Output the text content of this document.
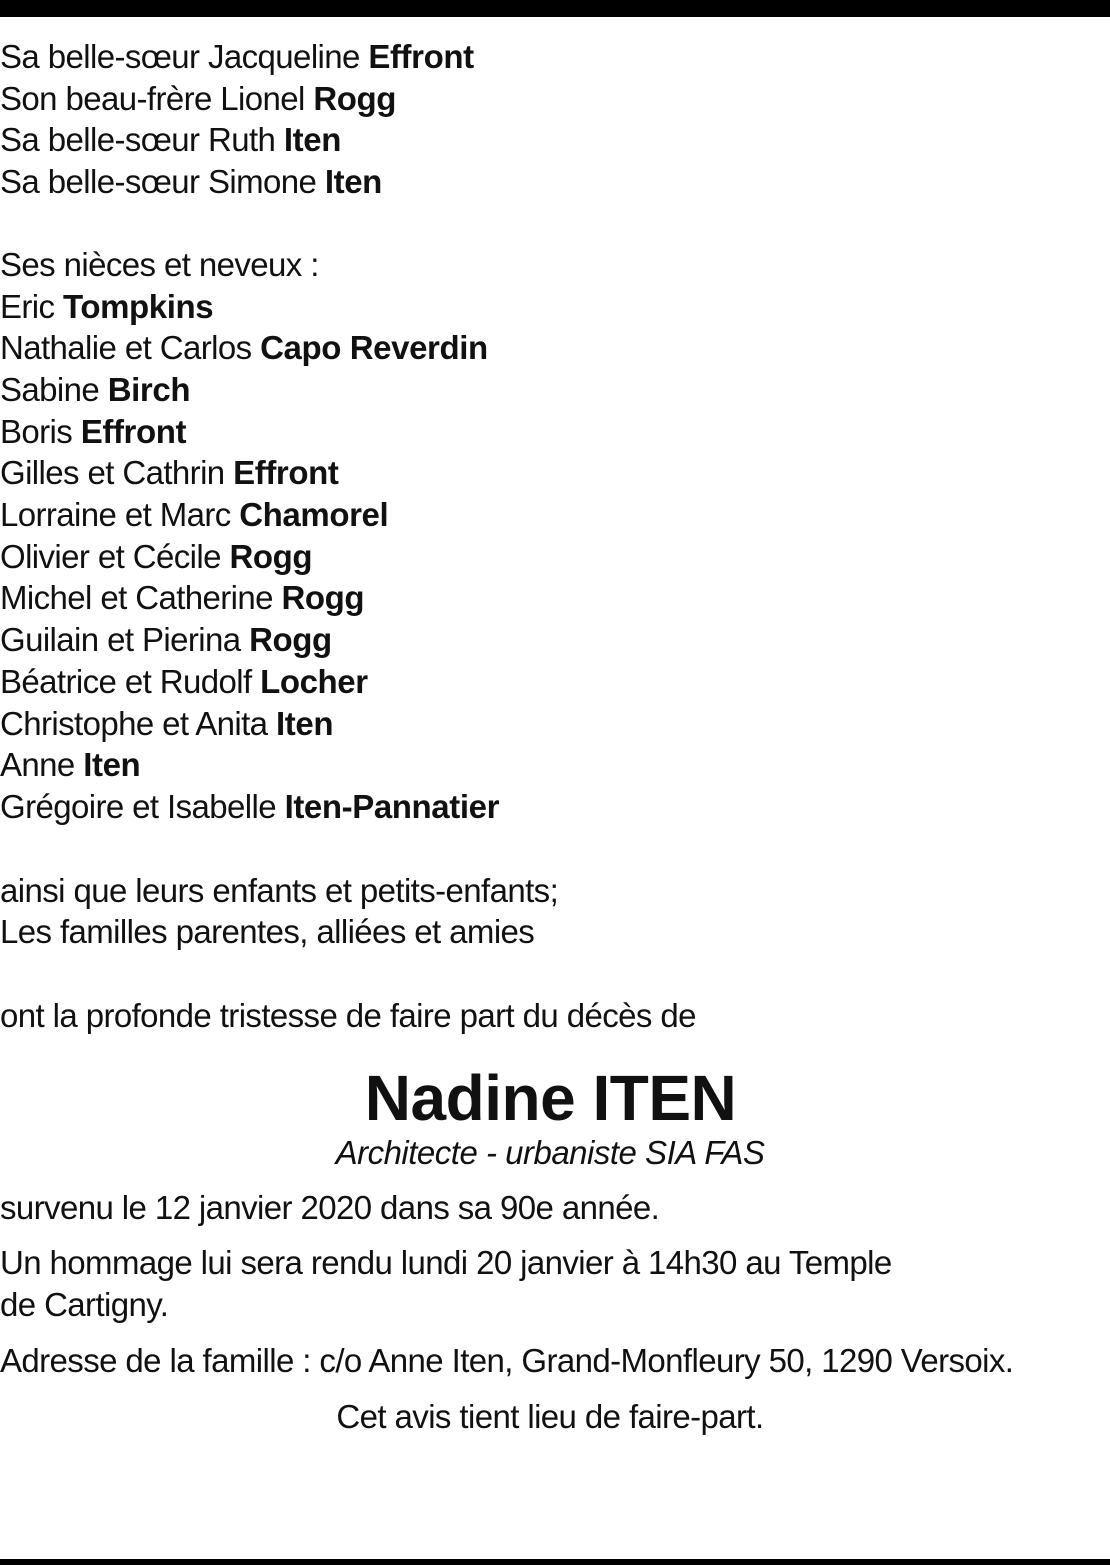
Sa belle-sœur Jacqueline Effront
Son beau-frère Lionel Rogg
Sa belle-sœur Ruth Iten
Sa belle-sœur Simone Iten
Ses nièces et neveux :
Eric Tompkins
Nathalie et Carlos Capo Reverdin
Sabine Birch
Boris Effront
Gilles et Cathrin Effront
Lorraine et Marc Chamorel
Olivier et Cécile Rogg
Michel et Catherine Rogg
Guilain et Pierina Rogg
Béatrice et Rudolf Locher
Christophe et Anita Iten
Anne Iten
Grégoire et Isabelle Iten-Pannatier
ainsi que leurs enfants et petits-enfants;
Les familles parentes, alliées et amies
ont la profonde tristesse de faire part du décès de
Nadine ITEN
Architecte - urbaniste SIA FAS
survenu le 12 janvier 2020 dans sa 90e année.
Un hommage lui sera rendu lundi 20 janvier à 14h30 au Temple
de Cartigny.
Adresse de la famille : c/o Anne Iten, Grand-Monfleury 50, 1290 Versoix.
Cet avis tient lieu de faire-part.
